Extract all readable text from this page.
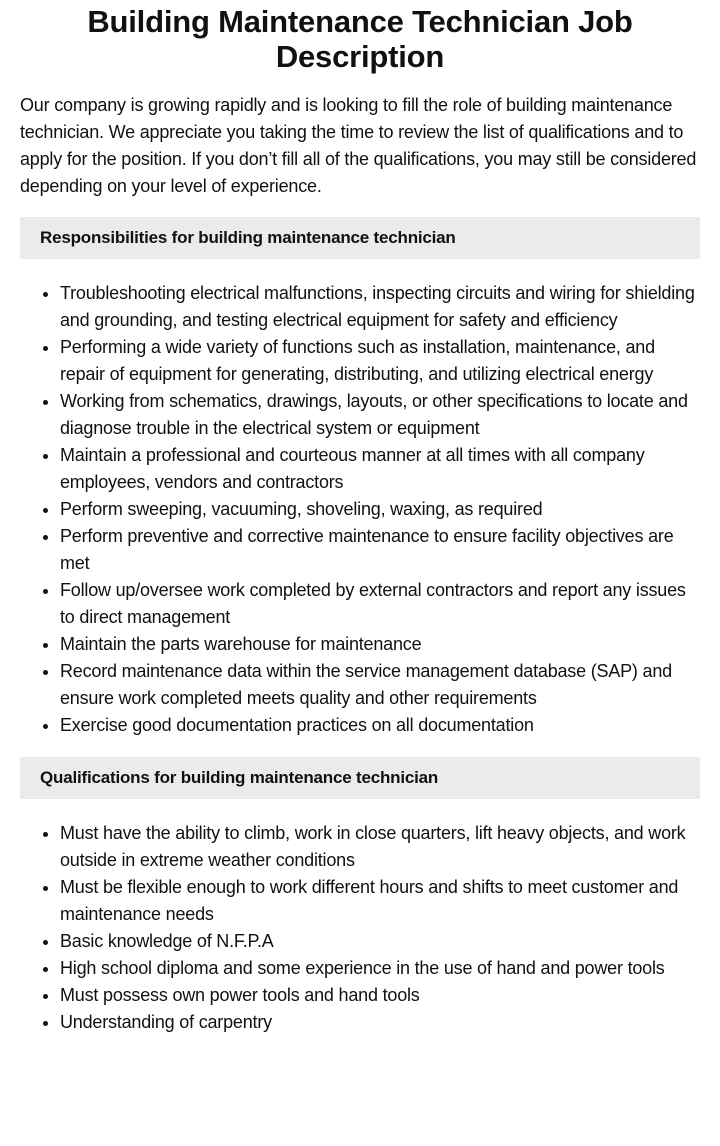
Building Maintenance Technician Job Description

Our company is growing rapidly and is looking to fill the role of building maintenance technician. We appreciate you taking the time to review the list of qualifications and to apply for the position. If you don’t fill all of the qualifications, you may still be considered depending on your level of experience.

Responsibilities for building maintenance technician
• Troubleshooting electrical malfunctions, inspecting circuits and wiring for shielding and grounding, and testing electrical equipment for safety and efficiency
• Performing a wide variety of functions such as installation, maintenance, and repair of equipment for generating, distributing, and utilizing electrical energy
• Working from schematics, drawings, layouts, or other specifications to locate and diagnose trouble in the electrical system or equipment
• Maintain a professional and courteous manner at all times with all company employees, vendors and contractors
• Perform sweeping, vacuuming, shoveling, waxing, as required
• Perform preventive and corrective maintenance to ensure facility objectives are met
• Follow up/oversee work completed by external contractors and report any issues to direct management
• Maintain the parts warehouse for maintenance
• Record maintenance data within the service management database (SAP) and ensure work completed meets quality and other requirements
• Exercise good documentation practices on all documentation
Qualifications for building maintenance technician
• Must have the ability to climb, work in close quarters, lift heavy objects, and work outside in extreme weather conditions
• Must be flexible enough to work different hours and shifts to meet customer and maintenance needs
• Basic knowledge of N.F.P.A
• High school diploma and some experience in the use of hand and power tools
• Must possess own power tools and hand tools
• Understanding of carpentry
